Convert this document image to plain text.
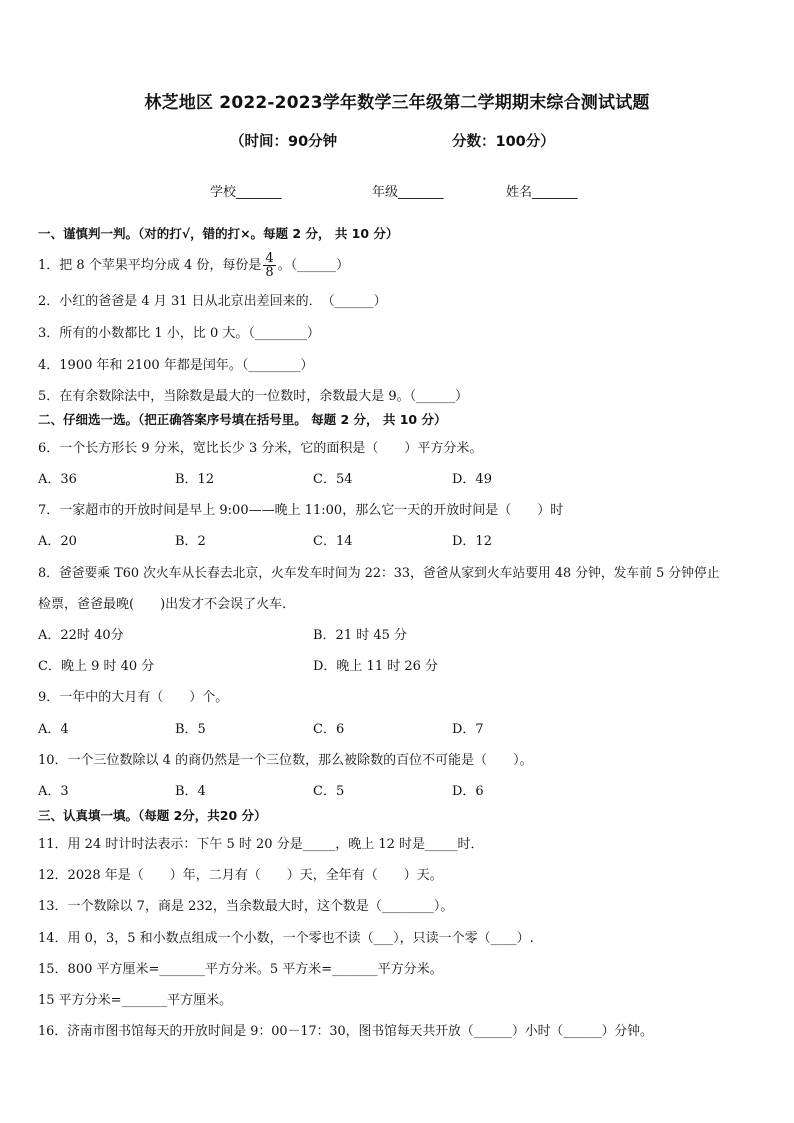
林芝地区 2022-2023学年数学三年级第二学期期末综合测试试题
（时间：90分钟	分数：100分）
学校_______	年级_______	姓名_______
一、谨慎判一判。（对的打√，错的打×。每题 2 分， 共 10 分）
1．把 8 个苹果平均分成 4 份，每份是 $\frac{4}{8}$ 。（______）
2．小红的爸爸是 4 月 31 日从北京出差回来的．　（______）
3．所有的小数都比 1 小，比 0 大。（________）
4．1900 年和 2100 年都是闰年。（________）
5．在有余数除法中，当除数是最大的一位数时，余数最大是 9。（______）
二、仔细选一选。（把正确答案序号填在括号里。 每题 2 分， 共 10 分）
6．一个长方形长 9 分米，宽比长少 3 分米，它的面积是（　　）平方分米。
A．36	B．12	C．54	D．49
7．一家超市的开放时间是早上 9:00——晚上 11:00，那么它一天的开放时间是（　　）时
A．20	B．2	C．14	D．12
8．爸爸要乘 T60 次火车从长春去北京，火车发车时间为 22：33，爸爸从家到火车站要用 48 分钟，发车前 5 分钟停止
检票，爸爸最晚(　　)出发才不会误了火车．
A．22时 40分	B．21 时 45 分
C．晚上 9 时 40 分	D．晚上 11 时 26 分
9．一年中的大月有（　　）个。
A．4	B．5	C．6	D．7
10．一个三位数除以 4 的商仍然是一个三位数，那么被除数的百位不可能是（　　）。
A．3	B．4	C．5	D．6
三、认真填一填。（每题 2分，共20 分）
11．用 24 时计时法表示：下午 5 时 20 分是_____，晚上 12 时是_____时．
12．2028 年是（　　）年，二月有（　　）天，全年有（　　）天。
13．一个数除以 7，商是 232，当余数最大时，这个数是（________）。
14．用 0，3，5 和小数点组成一个小数，一个零也不读（___），只读一个零（____）.
15．800 平方厘米=_______平方分米。5 平方米=_______平方分米。
15 平方分米=_______平方厘米。
16．济南市图书馆每天的开放时间是 9：00－17：30，图书馆每天共开放（______）小时（______）分钟。
